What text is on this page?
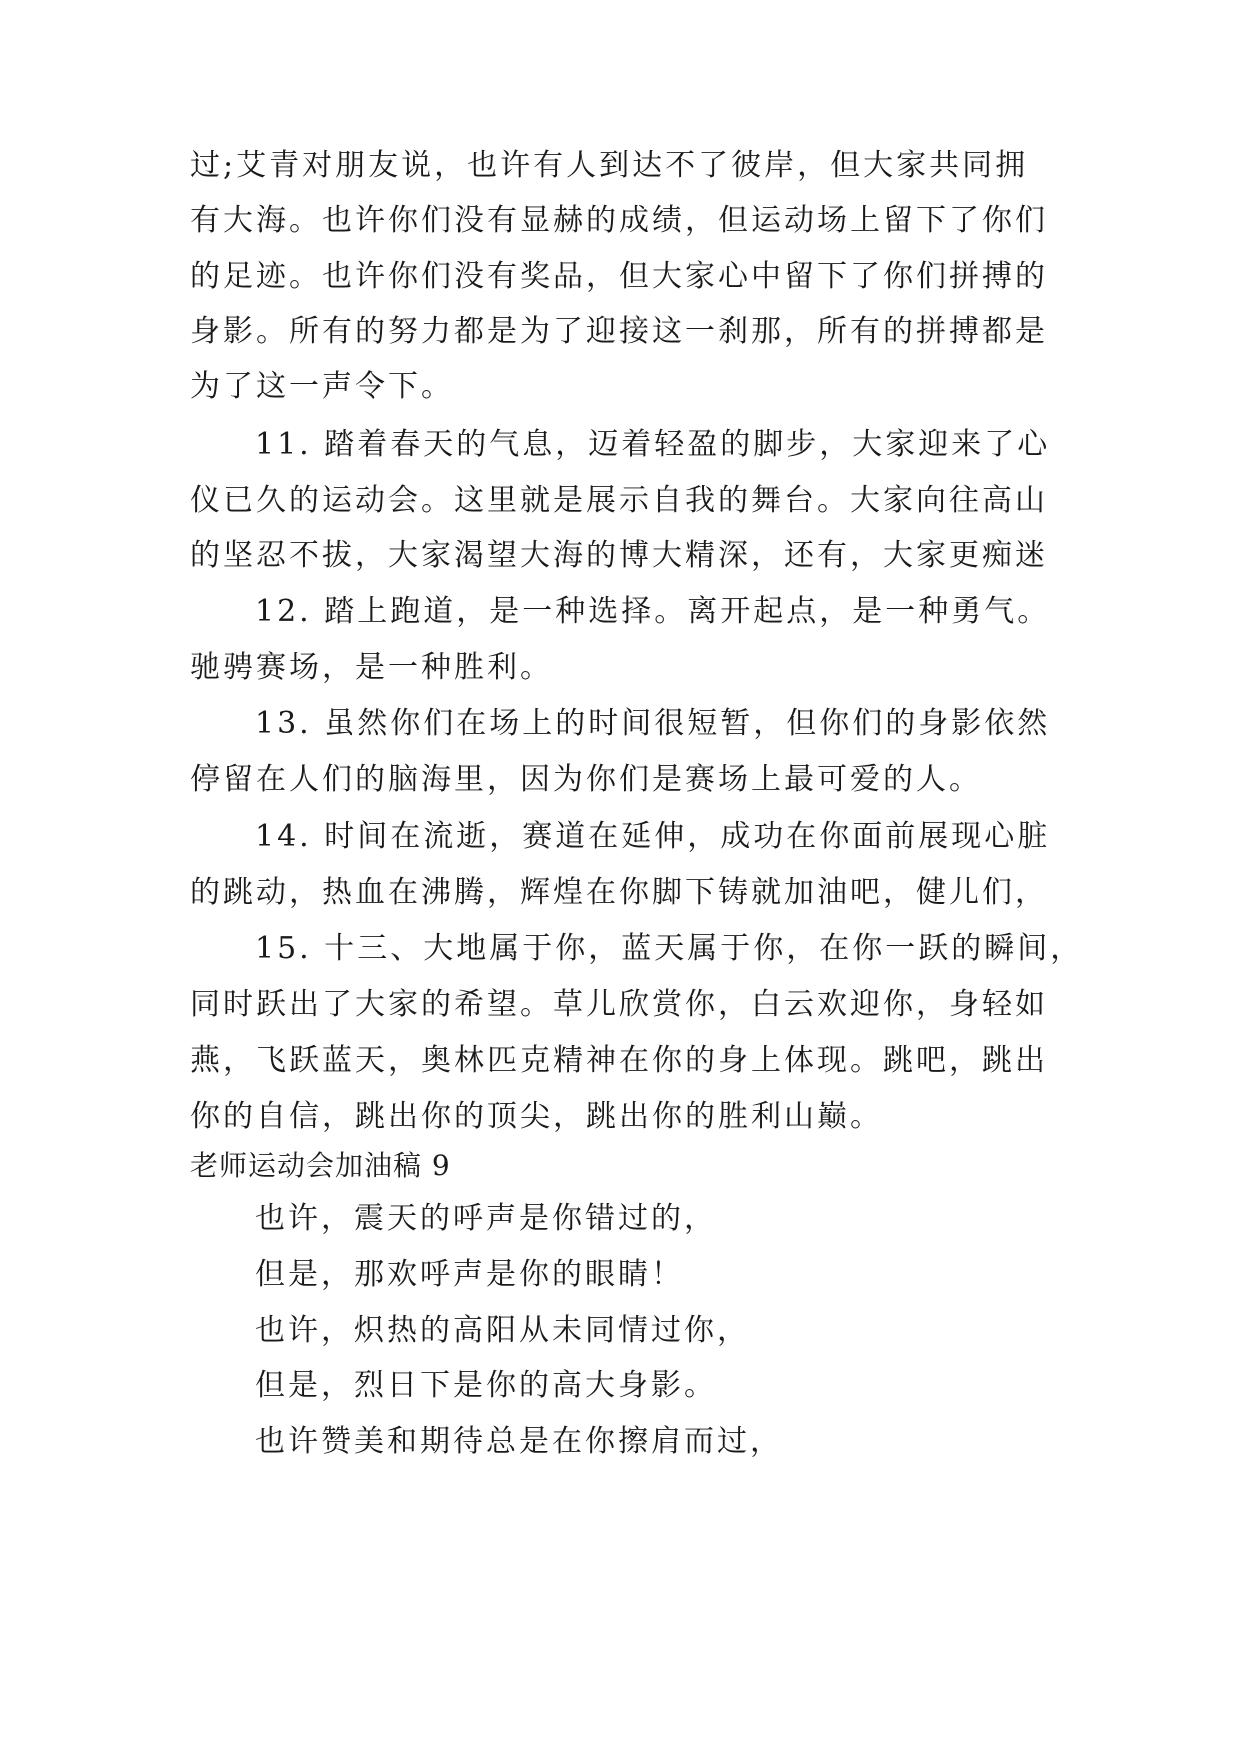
过;艾青对朋友说，也许有人到达不了彼岸，但大家共同拥
有大海。也许你们没有显赫的成绩，但运动场上留下了你们
的足迹。也许你们没有奖品，但大家心中留下了你们拼搏的
身影。所有的努力都是为了迎接这一刹那，所有的拼搏都是
为了这一声令下。
11. 踏着春天的气息，迈着轻盈的脚步，大家迎来了心
仪已久的运动会。这里就是展示自我的舞台。大家向往高山
的坚忍不拔，大家渴望大海的博大精深，还有，大家更痴迷
12. 踏上跑道，是一种选择。离开起点，是一种勇气。
驰骋赛场，是一种胜利。
13. 虽然你们在场上的时间很短暂，但你们的身影依然
停留在人们的脑海里，因为你们是赛场上最可爱的人。
14. 时间在流逝，赛道在延伸，成功在你面前展现心脏
的跳动，热血在沸腾，辉煌在你脚下铸就加油吧，健儿们，
15. 十三、大地属于你，蓝天属于你，在你一跃的瞬间，
同时跃出了大家的希望。草儿欣赏你，白云欢迎你，身轻如
燕，飞跃蓝天，奥林匹克精神在你的身上体现。跳吧，跳出
你的自信，跳出你的顶尖，跳出你的胜利山巅。
老师运动会加油稿 9
也许，震天的呼声是你错过的，
但是，那欢呼声是你的眼睛！
也许，炽热的高阳从未同情过你，
但是，烈日下是你的高大身影。
也许赞美和期待总是在你擦肩而过，
